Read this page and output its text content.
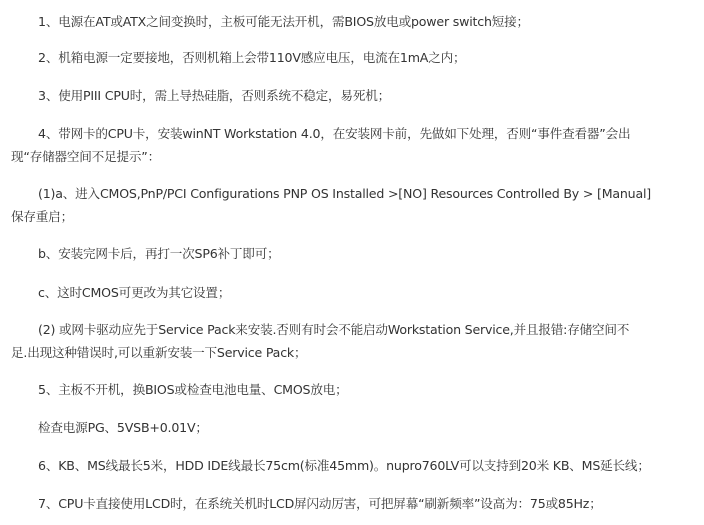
1、电源在AT或ATX之间变换时，主板可能无法开机，需BIOS放电或power switch短接；

2、机箱电源一定要接地，否则机箱上会带110V感应电压，电流在1mA之内；

3、使用PIII CPU时，需上导热硅脂，否则系统不稳定，易死机；

4、带网卡的CPU卡，安装winNT Workstation 4.0，在安装网卡前，先做如下处理，否则“事件查看器”会出
现“存储器空间不足提示”：

(1)a、进入CMOS,PnP/PCI Configurations PNP OS Installed >[NO] Resources Controlled By > [Manual]
保存重启；

b、安装完网卡后，再打一次SP6补丁即可；

c、这时CMOS可更改为其它设置；

(2) 或网卡驱动应先于Service Pack来安装.否则有时会不能启动Workstation Service,并且报错:存储空间不
足.出现这种错误时,可以重新安装一下Service Pack；

5、主板不开机，换BIOS或检查电池电量、CMOS放电；

检查电源PG、5VSB+0.01V；

6、KB、MS线最长5米，HDD IDE线最长75cm(标准45mm)。nupro760LV可以支持到20米 KB、MS延长线；

7、CPU卡直接使用LCD时，在系统关机时LCD屏闪动厉害，可把屏幕“刷新频率”设高为：75或85Hz；
